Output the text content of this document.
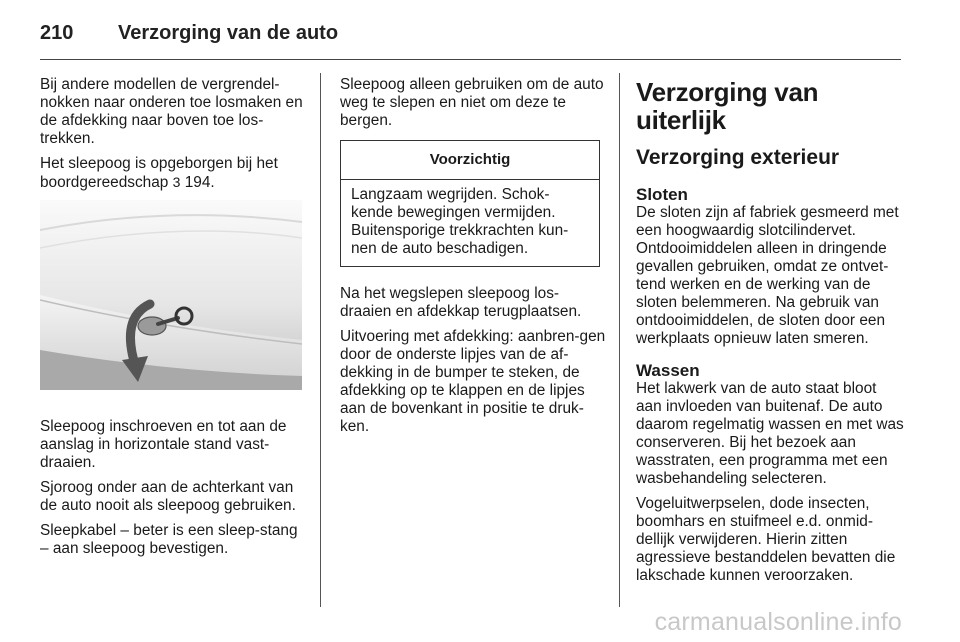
210 Verzorging van de auto

Bij andere modellen de vergrendel-nokken naar onderen toe losmaken en de afdekking naar boven toe los-trekken.

Het sleepoog is opgeborgen bij het boordgereedschap 3 194.

Sleepoog inschroeven en tot aan de aanslag in horizontale stand vast-draaien.

Sjoroog onder aan de achterkant van de auto nooit als sleepoog gebruiken.

Sleepkabel – beter is een sleep-stang – aan sleepoog bevestigen.

Sleepoog alleen gebruiken om de auto weg te slepen en niet om deze te bergen.

Voorzichtig
Langzaam wegrijden. Schok-kende bewegingen vermijden. Buitensporige trekkrachten kun-nen de auto beschadigen.

Na het wegslepen sleepoog los-draaien en afdekkap terugplaatsen.

Uitvoering met afdekking: aanbren-gen door de onderste lipjes van de af-dekking in de bumper te steken, de afdekking op te klappen en de lipjes aan de bovenkant in positie te druk-ken.

Verzorging van uiterlijk
Verzorging exterieur
Sloten

De sloten zijn af fabriek gesmeerd met een hoogwaardig slotcilindervet. Ontdooimiddelen alleen in dringende gevallen gebruiken, omdat ze ontvet-tend werken en de werking van de sloten belemmeren. Na gebruik van ontdooimiddelen, de sloten door een werkplaats opnieuw laten smeren.

Wassen

Het lakwerk van de auto staat bloot aan invloeden van buitenaf. De auto daarom regelmatig wassen en met was conserveren. Bij het bezoek aan wasstraten, een programma met een wasbehandeling selecteren.

Vogeluitwerpselen, dode insecten, boomhars en stuifmeel e.d. onmid-dellijk verwijderen. Hierin zitten agressieve bestanddelen bevatten die lakschade kunnen veroorzaken.

carmanualsonline.info
